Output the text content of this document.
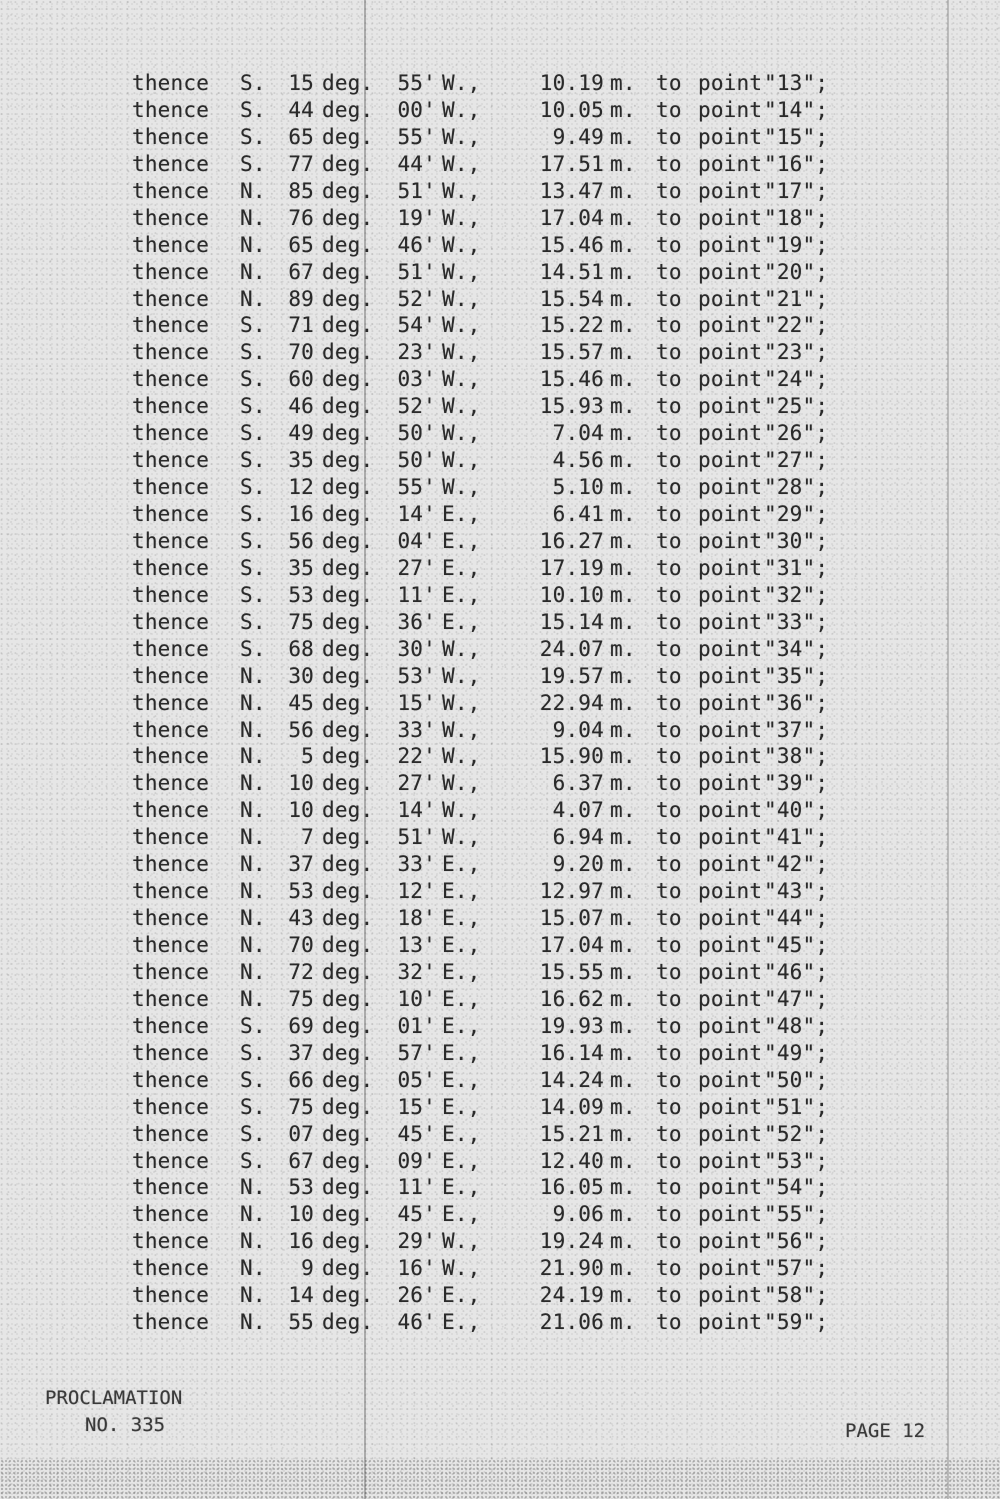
thence	S.	15 deg.	55' W.,	10.19 m. to point "13";
thence	S.	44 deg.	00' W.,	10.05 m. to point "14";
thence	S.	65 deg.	55' W.,	9.49 m. to point "15";
thence	S.	77 deg.	44' W.,	17.51 m. to point "16";
thence	N.	85 deg.	51' W.,	13.47 m. to point "17";
thence	N.	76 deg.	19' W.,	17.04 m. to point "18";
thence	N.	65 deg.	46' W.,	15.46 m. to point "19";
thence	N.	67 deg.	51' W.,	14.51 m. to point "20";
thence	N.	89 deg.	52' W.,	15.54 m. to point "21";
thence	S.	71 deg.	54' W.,	15.22 m. to point "22";
thence	S.	70 deg.	23' W.,	15.57 m. to point "23";
thence	S.	60 deg.	03' W.,	15.46 m. to point "24";
thence	S.	46 deg.	52' W.,	15.93 m. to point "25";
thence	S.	49 deg.	50' W.,	7.04 m. to point "26";
thence	S.	35 deg.	50' W.,	4.56 m. to point "27";
thence	S.	12 deg.	55' W.,	5.10 m. to point "28";
thence	S.	16 deg.	14' E.,	6.41 m. to point "29";
thence	S.	56 deg.	04' E.,	16.27 m. to point "30";
thence	S.	35 deg.	27' E.,	17.19 m. to point "31";
thence	S.	53 deg.	11' E.,	10.10 m. to point "32";
thence	S.	75 deg.	36' E.,	15.14 m. to point "33";
thence	S.	68 deg.	30' W.,	24.07 m. to point "34";
thence	N.	30 deg.	53' W.,	19.57 m. to point "35";
thence	N.	45 deg.	15' W.,	22.94 m. to point "36";
thence	N.	56 deg.	33' W.,	9.04 m. to point "37";
thence	N.	5 deg.	22' W.,	15.90 m. to point "38";
thence	N.	10 deg.	27' W.,	6.37 m. to point "39";
thence	N.	10 deg.	14' W.,	4.07 m. to point "40";
thence	N.	7 deg.	51' W.,	6.94 m. to point "41";
thence	N.	37 deg.	33' E.,	9.20 m. to point "42";
thence	N.	53 deg.	12' E.,	12.97 m. to point "43";
thence	N.	43 deg.	18' E.,	15.07 m. to point "44";
thence	N.	70 deg.	13' E.,	17.04 m. to point "45";
thence	N.	72 deg.	32' E.,	15.55 m. to point "46";
thence	N.	75 deg.	10' E.,	16.62 m. to point "47";
thence	S.	69 deg.	01' E.,	19.93 m. to point "48";
thence	S.	37 deg.	57' E.,	16.14 m. to point "49";
thence	S.	66 deg.	05' E.,	14.24 m. to point "50";
thence	S.	75 deg.	15' E.,	14.09 m. to point "51";
thence	S.	07 deg.	45' E.,	15.21 m. to point "52";
thence	S.	67 deg.	09' E.,	12.40 m. to point "53";
thence	N.	53 deg.	11' E.,	16.05 m. to point "54";
thence	N.	10 deg.	45' E.,	9.06 m. to point "55";
thence	N.	16 deg.	29' W.,	19.24 m. to point "56";
thence	N.	9 deg.	16' W.,	21.90 m. to point "57";
thence	N.	14 deg.	26' E.,	24.19 m. to point "58";
thence	N.	55 deg.	46' E.,	21.06 m. to point "59";
PROCLAMATION
NO. 335	PAGE 12
